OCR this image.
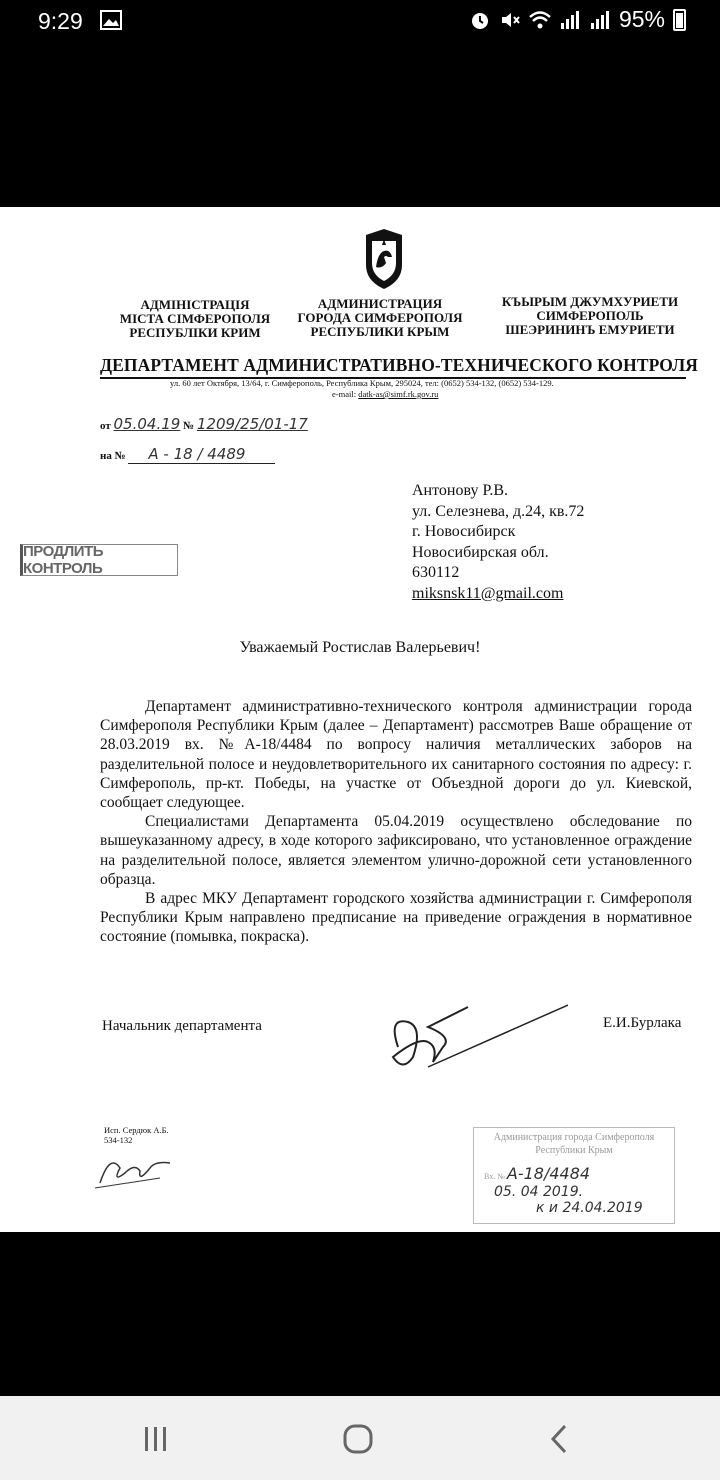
9:29	95%
АДМІНІСТРАЦІЯ
МІСТА СІМФЕРОПОЛЯ
РЕСПУБЛІКИ КРИМ
АДМИНИСТРАЦИЯ
ГОРОДА СИМФЕРОПОЛЯ
РЕСПУБЛИКИ КРЫМ
КЪЫРЫМ ДЖУМХУРИЕТИ
СИМФЕРОПОЛЬ
ШЕЭРИНИНЪ ЕМУРИЕТИ
ДЕПАРТАМЕНТ АДМИНИСТРАТИВНО-ТЕХНИЧЕСКОГО КОНТРОЛЯ
ул. 60 лет Октября, 13/64, г. Симферополь, Республика Крым, 295024, тел: (0652) 534-132, (0652) 534-129.
e-mail: datk-as@simf.rk.gov.ru
от 05.04.19 № 1209/25/01-17
на № А - 18 / 4489
Антонову Р.В.
ул. Селезнева, д.24, кв.72
г. Новосибирск
Новосибирская обл.
630112
miksnsk11@gmail.com
ПРОДЛИТЬ КОНТРОЛЬ
Уважаемый Ростислав Валерьевич!

Департамент административно-технического контроля администрации города Симферополя Республики Крым (далее – Департамент) рассмотрев Ваше обращение от 28.03.2019 вх. №А-18/4484 по вопросу наличия металлических заборов на разделительной полосе и неудовлетворительного их санитарного состояния по адресу: г. Симферополь, пр-кт. Победы, на участке от Объездной дороги до ул. Киевской, сообщает следующее.

Специалистами Департамента 05.04.2019 осуществлено обследование по вышеуказанному адресу, в ходе которого зафиксировано, что установленное ограждение на разделительной полосе, является элементом улично-дорожной сети установленного образца.

В адрес МКУ Департамент городского хозяйства администрации г. Симферополя Республики Крым направлено предписание на приведение ограждения в нормативное состояние (помывка, покраска).

Начальник департамента	Е.И.Бурлака
Исп. Сердюк А.Б.
534-132	Администрация города Симферополя
Республики Крым
Вх. № А-18/4484
05. 04 2019.
к и 24.04.2019
